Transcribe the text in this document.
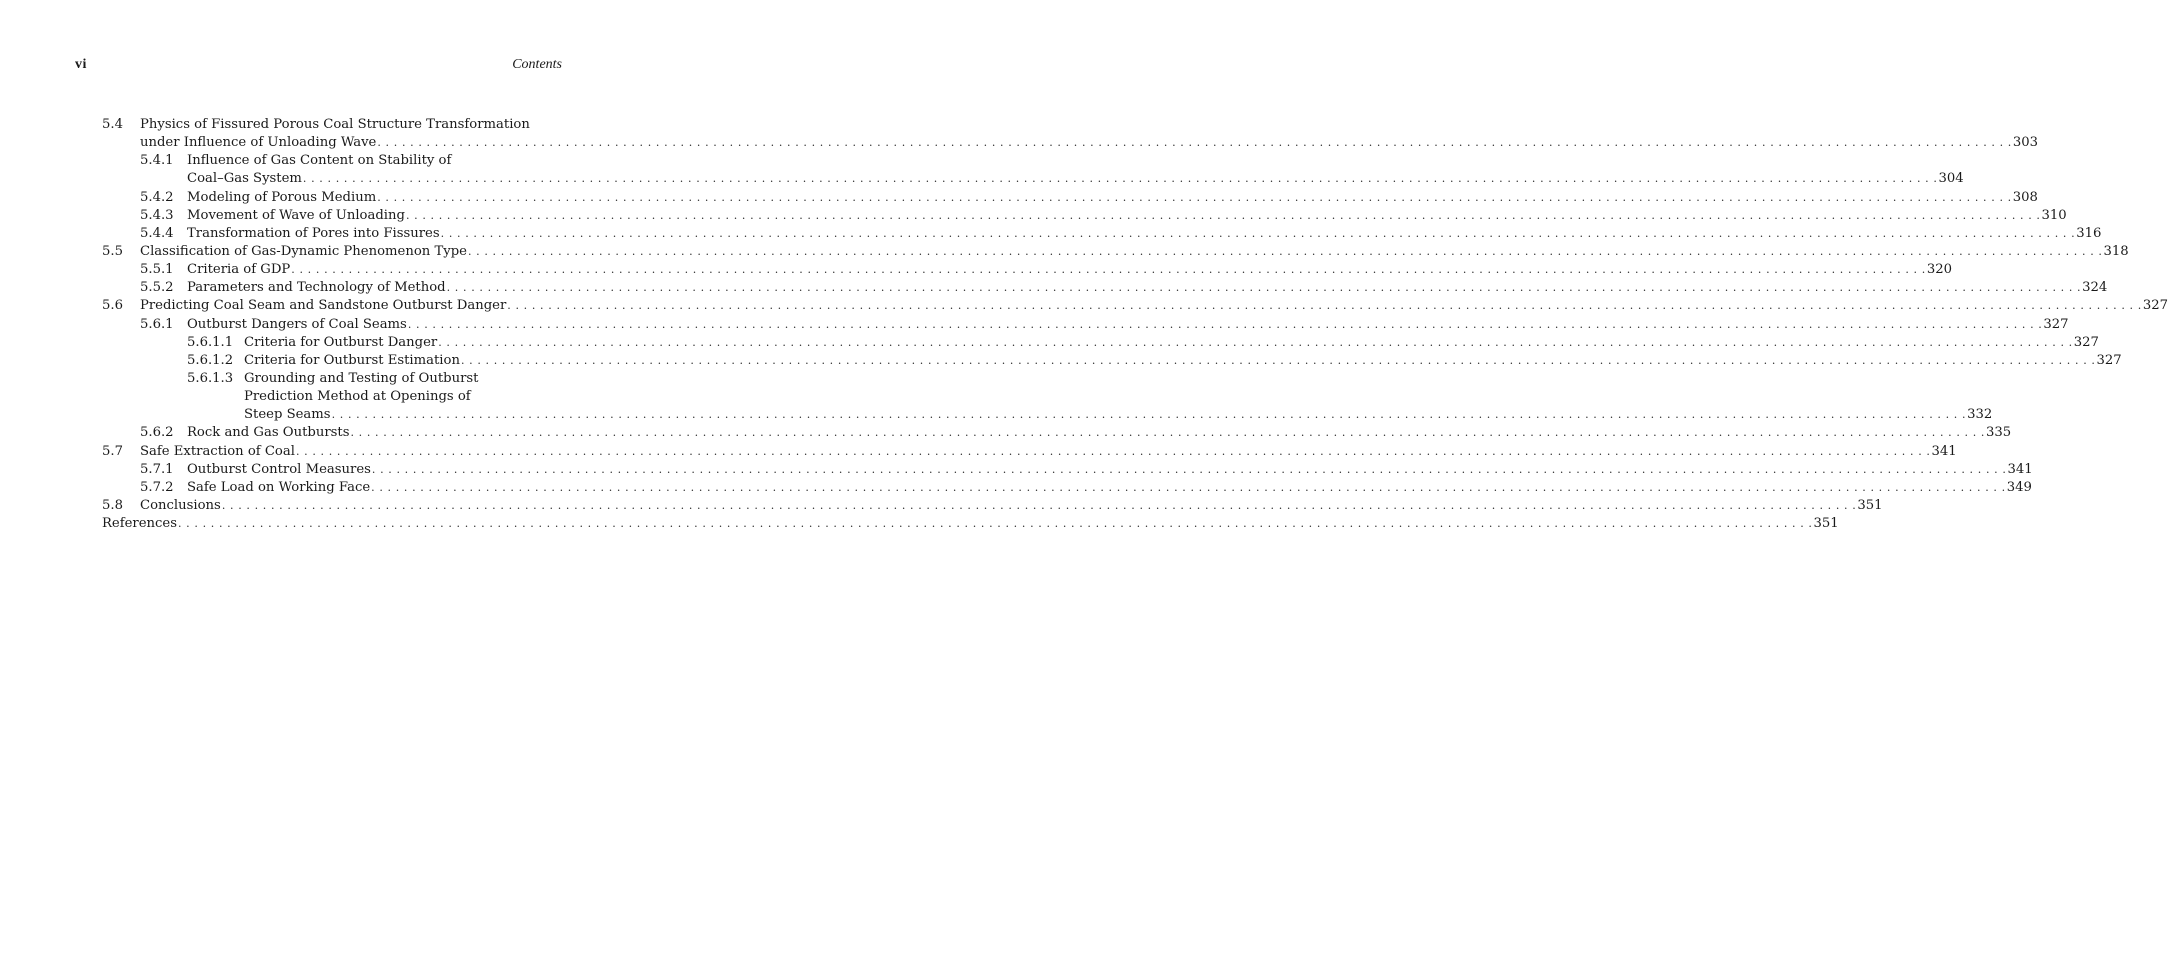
vi	Contents
5.4 Physics of Fissured Porous Coal Structure Transformation
under Influence of Unloading Wave . . . . . . . . . . . . . . . . . . . . . . . . . . . . . . . . . . . . . . . . . . . . . . . . . . . . . . . . . . . . . . . . . . . . . . . . . . . . . . . . . . . . . . . . . . . . . . . . . . . . . . . . . . . . . . . . . . . . . . . . . . . . . . . . . . . . . . . . . . . . . . . . . . . . . . . . . . . . . . . . . . . . . . . . . . . . . . . . . . . . . . . . . . . . . . . . . . . . . . . . 303
5.4.1 Influence of Gas Content on Stability of
Coal–Gas System . . . . . . . . . . . . . . . . . . . . . . . . . . . . . . . . . . . . . . . . . . . . . . . . . . . . . . . . . . . . . . . . . . . . . . . . . . . . . . . . . . . . . . . . . . . . . . . . . . . . . . . . . . . . . . . . . . . . . . . . . . . . . . . . . . . . . . . . . . . . . . . . . . . . . . . . . . . . . . . . . . . . . . . . . . . . . . . . . . . . . . . . . . . . . . . . . . . . . . . . 304
5.4.2 Modeling of Porous Medium . . . . . . . . . . . . . . . . . . . . . . . . . . . . . . . . . . . . . . . . . . . . . . . . . . . . . . . . . . . . . . . . . . . . . . . . . . . . . . . . . . . . . . . . . . . . . . . . . . . . . . . . . . . . . . . . . . . . . . . . . . . . . . . . . . . . . . . . . . . . . . . . . . . . . . . . . . . . . . . . . . . . . . . . . . . . . . . . . . . . . . . . . . . . . . . . . . . . . . . . 308
5.4.3 Movement of Wave of Unloading . . . . . . . . . . . . . . . . . . . . . . . . . . . . . . . . . . . . . . . . . . . . . . . . . . . . . . . . . . . . . . . . . . . . . . . . . . . . . . . . . . . . . . . . . . . . . . . . . . . . . . . . . . . . . . . . . . . . . . . . . . . . . . . . . . . . . . . . . . . . . . . . . . . . . . . . . . . . . . . . . . . . . . . . . . . . . . . . . . . . . . . . . . . . . . . . . . . . . . . . 310
5.4.4 Transformation of Pores into Fissures . . . . . . . . . . . . . . . . . . . . . . . . . . . . . . . . . . . . . . . . . . . . . . . . . . . . . . . . . . . . . . . . . . . . . . . . . . . . . . . . . . . . . . . . . . . . . . . . . . . . . . . . . . . . . . . . . . . . . . . . . . . . . . . . . . . . . . . . . . . . . . . . . . . . . . . . . . . . . . . . . . . . . . . . . . . . . . . . . . . . . . . . . . . . . . . . . . . . . . . . 316
5.5 Classification of Gas-Dynamic Phenomenon Type . . . . . . . . . . . . . . . . . . . . . . . . . . . . . . . . . . . . . . . . . . . . . . . . . . . . . . . . . . . . . . . . . . . . . . . . . . . . . . . . . . . . . . . . . . . . . . . . . . . . . . . . . . . . . . . . . . . . . . . . . . . . . . . . . . . . . . . . . . . . . . . . . . . . . . . . . . . . . . . . . . . . . . . . . . . . . . . . . . . . . . . . . . . . . . . . . . . . . . . . 318
5.5.1 Criteria of GDP . . . . . . . . . . . . . . . . . . . . . . . . . . . . . . . . . . . . . . . . . . . . . . . . . . . . . . . . . . . . . . . . . . . . . . . . . . . . . . . . . . . . . . . . . . . . . . . . . . . . . . . . . . . . . . . . . . . . . . . . . . . . . . . . . . . . . . . . . . . . . . . . . . . . . . . . . . . . . . . . . . . . . . . . . . . . . . . . . . . . . . . . . . . . . . . . . . . . . . . . 320
5.5.2 Parameters and Technology of Method . . . . . . . . . . . . . . . . . . . . . . . . . . . . . . . . . . . . . . . . . . . . . . . . . . . . . . . . . . . . . . . . . . . . . . . . . . . . . . . . . . . . . . . . . . . . . . . . . . . . . . . . . . . . . . . . . . . . . . . . . . . . . . . . . . . . . . . . . . . . . . . . . . . . . . . . . . . . . . . . . . . . . . . . . . . . . . . . . . . . . . . . . . . . . . . . . . . . . . . . 324
5.6 Predicting Coal Seam and Sandstone Outburst Danger . . . . . . . . . . . . . . . . . . . . . . . . . . . . . . . . . . . . . . . . . . . . . . . . . . . . . . . . . . . . . . . . . . . . . . . . . . . . . . . . . . . . . . . . . . . . . . . . . . . . . . . . . . . . . . . . . . . . . . . . . . . . . . . . . . . . . . . . . . . . . . . . . . . . . . . . . . . . . . . . . . . . . . . . . . . . . . . . . . . . . . . . . . . . . . . . . . . . . . . . 327
5.6.1 Outburst Dangers of Coal Seams . . . . . . . . . . . . . . . . . . . . . . . . . . . . . . . . . . . . . . . . . . . . . . . . . . . . . . . . . . . . . . . . . . . . . . . . . . . . . . . . . . . . . . . . . . . . . . . . . . . . . . . . . . . . . . . . . . . . . . . . . . . . . . . . . . . . . . . . . . . . . . . . . . . . . . . . . . . . . . . . . . . . . . . . . . . . . . . . . . . . . . . . . . . . . . . . . . . . . . . . 327
5.6.1.1 Criteria for Outburst Danger . . . . . . . . . . . . . . . . . . . . . . . . . . . . . . . . . . . . . . . . . . . . . . . . . . . . . . . . . . . . . . . . . . . . . . . . . . . . . . . . . . . . . . . . . . . . . . . . . . . . . . . . . . . . . . . . . . . . . . . . . . . . . . . . . . . . . . . . . . . . . . . . . . . . . . . . . . . . . . . . . . . . . . . . . . . . . . . . . . . . . . . . . . . . . . . . . . . . . . . . 327
5.6.1.2 Criteria for Outburst Estimation . . . . . . . . . . . . . . . . . . . . . . . . . . . . . . . . . . . . . . . . . . . . . . . . . . . . . . . . . . . . . . . . . . . . . . . . . . . . . . . . . . . . . . . . . . . . . . . . . . . . . . . . . . . . . . . . . . . . . . . . . . . . . . . . . . . . . . . . . . . . . . . . . . . . . . . . . . . . . . . . . . . . . . . . . . . . . . . . . . . . . . . . . . . . . . . . . . . . . . . . 327
5.6.1.3 Grounding and Testing of Outburst
Prediction Method at Openings of
Steep Seams . . . . . . . . . . . . . . . . . . . . . . . . . . . . . . . . . . . . . . . . . . . . . . . . . . . . . . . . . . . . . . . . . . . . . . . . . . . . . . . . . . . . . . . . . . . . . . . . . . . . . . . . . . . . . . . . . . . . . . . . . . . . . . . . . . . . . . . . . . . . . . . . . . . . . . . . . . . . . . . . . . . . . . . . . . . . . . . . . . . . . . . . . . . . . . . . . . . . . . . . 332
5.6.2 Rock and Gas Outbursts . . . . . . . . . . . . . . . . . . . . . . . . . . . . . . . . . . . . . . . . . . . . . . . . . . . . . . . . . . . . . . . . . . . . . . . . . . . . . . . . . . . . . . . . . . . . . . . . . . . . . . . . . . . . . . . . . . . . . . . . . . . . . . . . . . . . . . . . . . . . . . . . . . . . . . . . . . . . . . . . . . . . . . . . . . . . . . . . . . . . . . . . . . . . . . . . . . . . . . . . 335
5.7 Safe Extraction of Coal . . . . . . . . . . . . . . . . . . . . . . . . . . . . . . . . . . . . . . . . . . . . . . . . . . . . . . . . . . . . . . . . . . . . . . . . . . . . . . . . . . . . . . . . . . . . . . . . . . . . . . . . . . . . . . . . . . . . . . . . . . . . . . . . . . . . . . . . . . . . . . . . . . . . . . . . . . . . . . . . . . . . . . . . . . . . . . . . . . . . . . . . . . . . . . . . . . . . . . . . 341
5.7.1 Outburst Control Measures . . . . . . . . . . . . . . . . . . . . . . . . . . . . . . . . . . . . . . . . . . . . . . . . . . . . . . . . . . . . . . . . . . . . . . . . . . . . . . . . . . . . . . . . . . . . . . . . . . . . . . . . . . . . . . . . . . . . . . . . . . . . . . . . . . . . . . . . . . . . . . . . . . . . . . . . . . . . . . . . . . . . . . . . . . . . . . . . . . . . . . . . . . . . . . . . . . . . . . . . 341
5.7.2 Safe Load on Working Face . . . . . . . . . . . . . . . . . . . . . . . . . . . . . . . . . . . . . . . . . . . . . . . . . . . . . . . . . . . . . . . . . . . . . . . . . . . . . . . . . . . . . . . . . . . . . . . . . . . . . . . . . . . . . . . . . . . . . . . . . . . . . . . . . . . . . . . . . . . . . . . . . . . . . . . . . . . . . . . . . . . . . . . . . . . . . . . . . . . . . . . . . . . . . . . . . . . . . . . . 349
5.8 Conclusions . . . . . . . . . . . . . . . . . . . . . . . . . . . . . . . . . . . . . . . . . . . . . . . . . . . . . . . . . . . . . . . . . . . . . . . . . . . . . . . . . . . . . . . . . . . . . . . . . . . . . . . . . . . . . . . . . . . . . . . . . . . . . . . . . . . . . . . . . . . . . . . . . . . . . . . . . . . . . . . . . . . . . . . . . . . . . . . . . . . . . . . . . . . . . . . . . . . . . . . . 351
References . . . . . . . . . . . . . . . . . . . . . . . . . . . . . . . . . . . . . . . . . . . . . . . . . . . . . . . . . . . . . . . . . . . . . . . . . . . . . . . . . . . . . . . . . . . . . . . . . . . . . . . . . . . . . . . . . . . . . . . . . . . . . . . . . . . . . . . . . . . . . . . . . . . . . . . . . . . . . . . . . . . . . . . . . . . . . . . . . . . . . . . . . . . . . . . . . . . . . . . . 351
